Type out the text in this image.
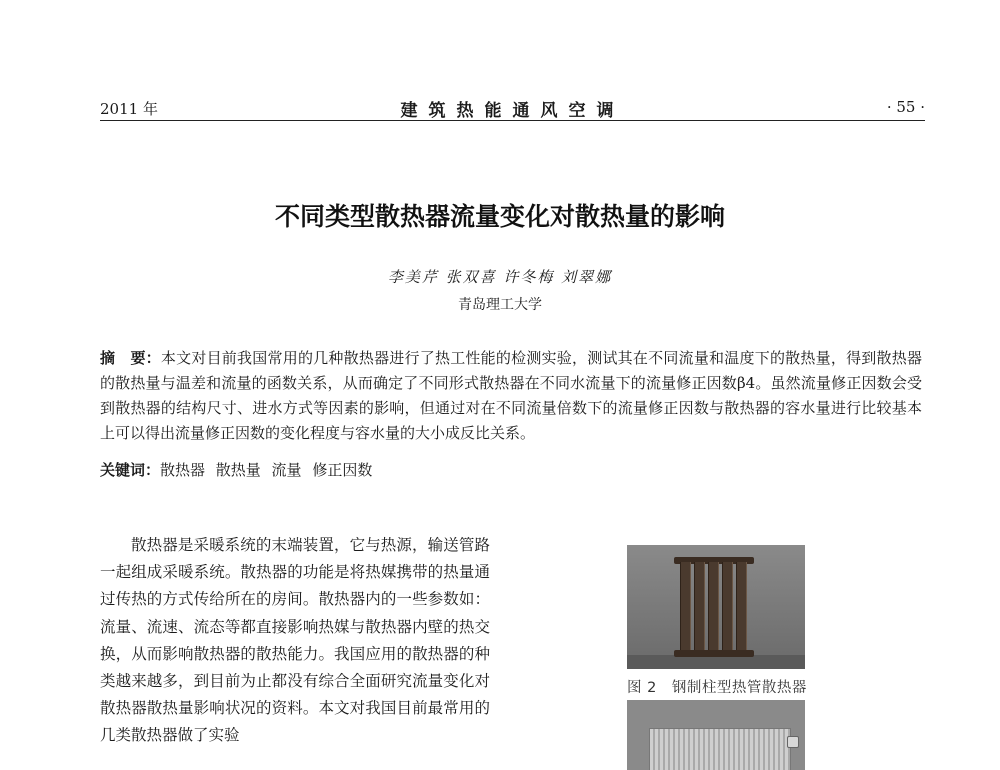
2011 年	建筑热能通风空调	· 55 ·
不同类型散热器流量变化对散热量的影响
李美芹 张双喜 许冬梅 刘翠娜
青岛理工大学
摘　要：本文对目前我国常用的几种散热器进行了热工性能的检测实验，测试其在不同流量和温度下的散热量，得到散热器的散热量与温差和流量的函数关系，从而确定了不同形式散热器在不同水流量下的流量修正因数β4。虽然流量修正因数会受到散热器的结构尺寸、进水方式等因素的影响，但通过对在不同流量倍数下的流量修正因数与散热器的容水量进行比较基本上可以得出流量修正因数的变化程度与容水量的大小成反比关系。
关键词：散热器 散热量 流量 修正因数
散热器是采暖系统的末端装置，它与热源，输送管路一起组成采暖系统。散热器的功能是将热媒携带的热量通过传热的方式传给所在的房间。散热器内的一些参数如：流量、流速、流态等都直接影响热媒与散热器内壁的热交换，从而影响散热器的散热能力。我国应用的散热器的种类越来越多，到目前为止都没有综合全面研究流量变化对散热器散热量影响状况的资料。本文对我国目前最常用的几类散热器做了实验
图 2　钢制柱型热管散热器
